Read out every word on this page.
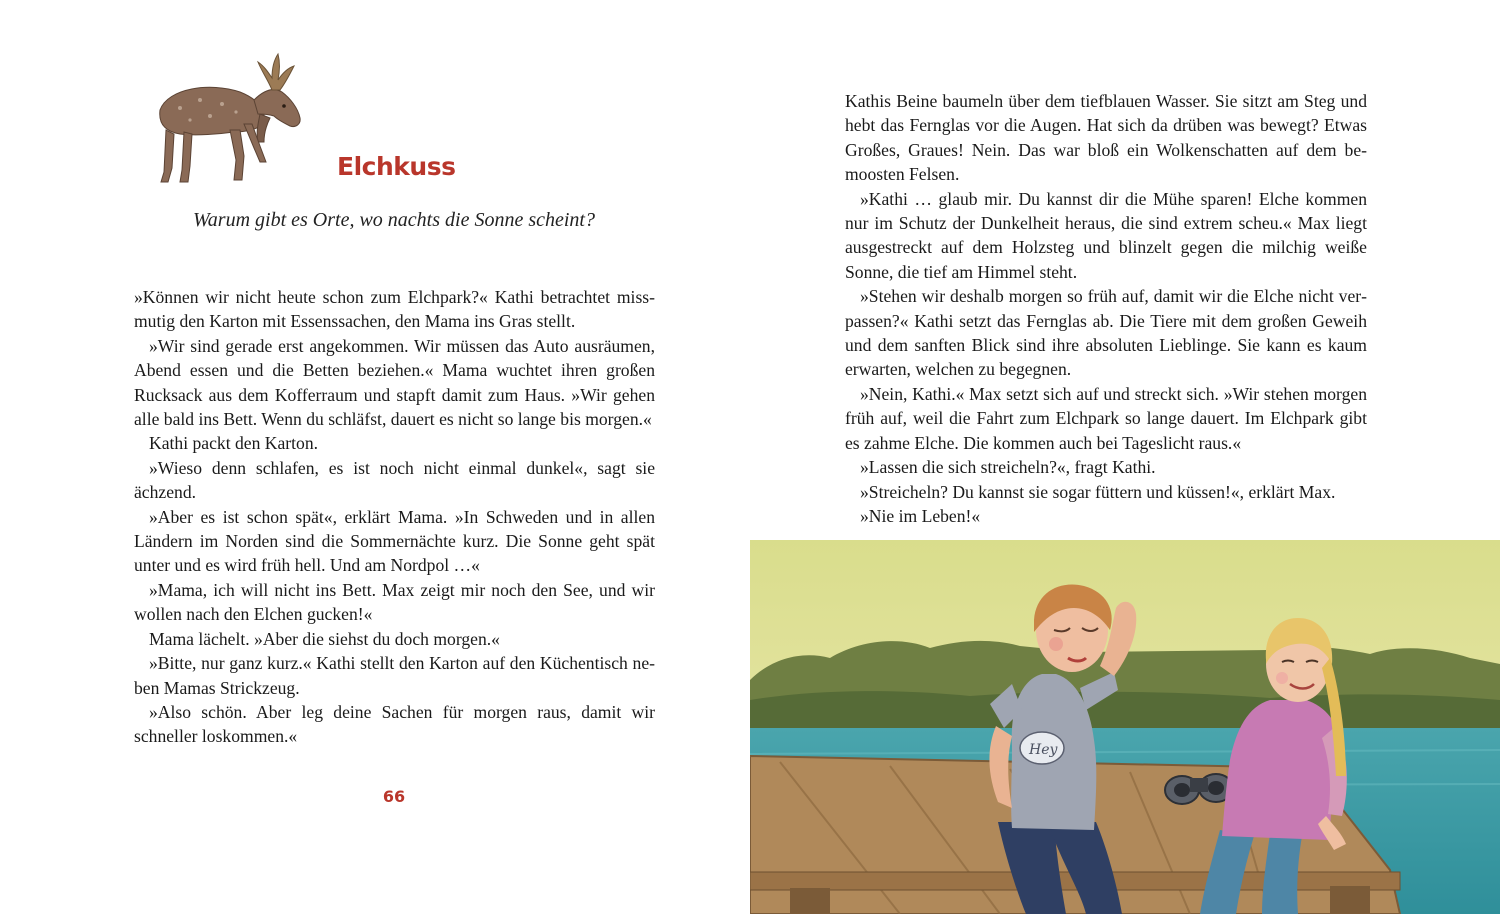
Elchkuss

Warum gibt es Orte, wo nachts die Sonne scheint?

»Können wir nicht heute schon zum Elchpark?« Kathi betrachtet missmutig den Karton mit Essenssachen, den Mama ins Gras stellt.

»Wir sind gerade erst angekommen. Wir müssen das Auto ausräumen, Abend essen und die Betten beziehen.« Mama wuchtet ihren großen Rucksack aus dem Kofferraum und stapft damit zum Haus. »Wir gehen alle bald ins Bett. Wenn du schläfst, dauert es nicht so lange bis morgen.«

Kathi packt den Karton.

»Wieso denn schlafen, es ist noch nicht einmal dunkel«, sagt sie ächzend.

»Aber es ist schon spät«, erklärt Mama. »In Schweden und in allen Ländern im Norden sind die Sommernächte kurz. Die Sonne geht spät unter und es wird früh hell. Und am Nordpol …«

»Mama, ich will nicht ins Bett. Max zeigt mir noch den See, und wir wollen nach den Elchen gucken!«

Mama lächelt. »Aber die siehst du doch morgen.«

»Bitte, nur ganz kurz.« Kathi stellt den Karton auf den Küchentisch neben Mamas Strickzeug.

»Also schön. Aber leg deine Sachen für morgen raus, damit wir schneller loskommen.«

66

Kathis Beine baumeln über dem tiefblauen Wasser. Sie sitzt am Steg und hebt das Fernglas vor die Augen. Hat sich da drüben was bewegt? Etwas Großes, Graues! Nein. Das war bloß ein Wolkenschatten auf dem bemoosten Felsen.

»Kathi … glaub mir. Du kannst dir die Mühe sparen! Elche kommen nur im Schutz der Dunkelheit heraus, die sind extrem scheu.« Max liegt ausgestreckt auf dem Holzsteg und blinzelt gegen die milchig weiße Sonne, die tief am Himmel steht.

»Stehen wir deshalb morgen so früh auf, damit wir die Elche nicht verpassen?« Kathi setzt das Fernglas ab. Die Tiere mit dem großen Geweih und dem sanften Blick sind ihre absoluten Lieblinge. Sie kann es kaum erwarten, welchen zu begegnen.

»Nein, Kathi.« Max setzt sich auf und streckt sich. »Wir stehen morgen früh auf, weil die Fahrt zum Elchpark so lange dauert. Im Elchpark gibt es zahme Elche. Die kommen auch bei Tageslicht raus.«

»Lassen die sich streicheln?«, fragt Kathi.

»Streicheln? Du kannst sie sogar füttern und küssen!«, erklärt Max.

»Nie im Leben!«

Hey
